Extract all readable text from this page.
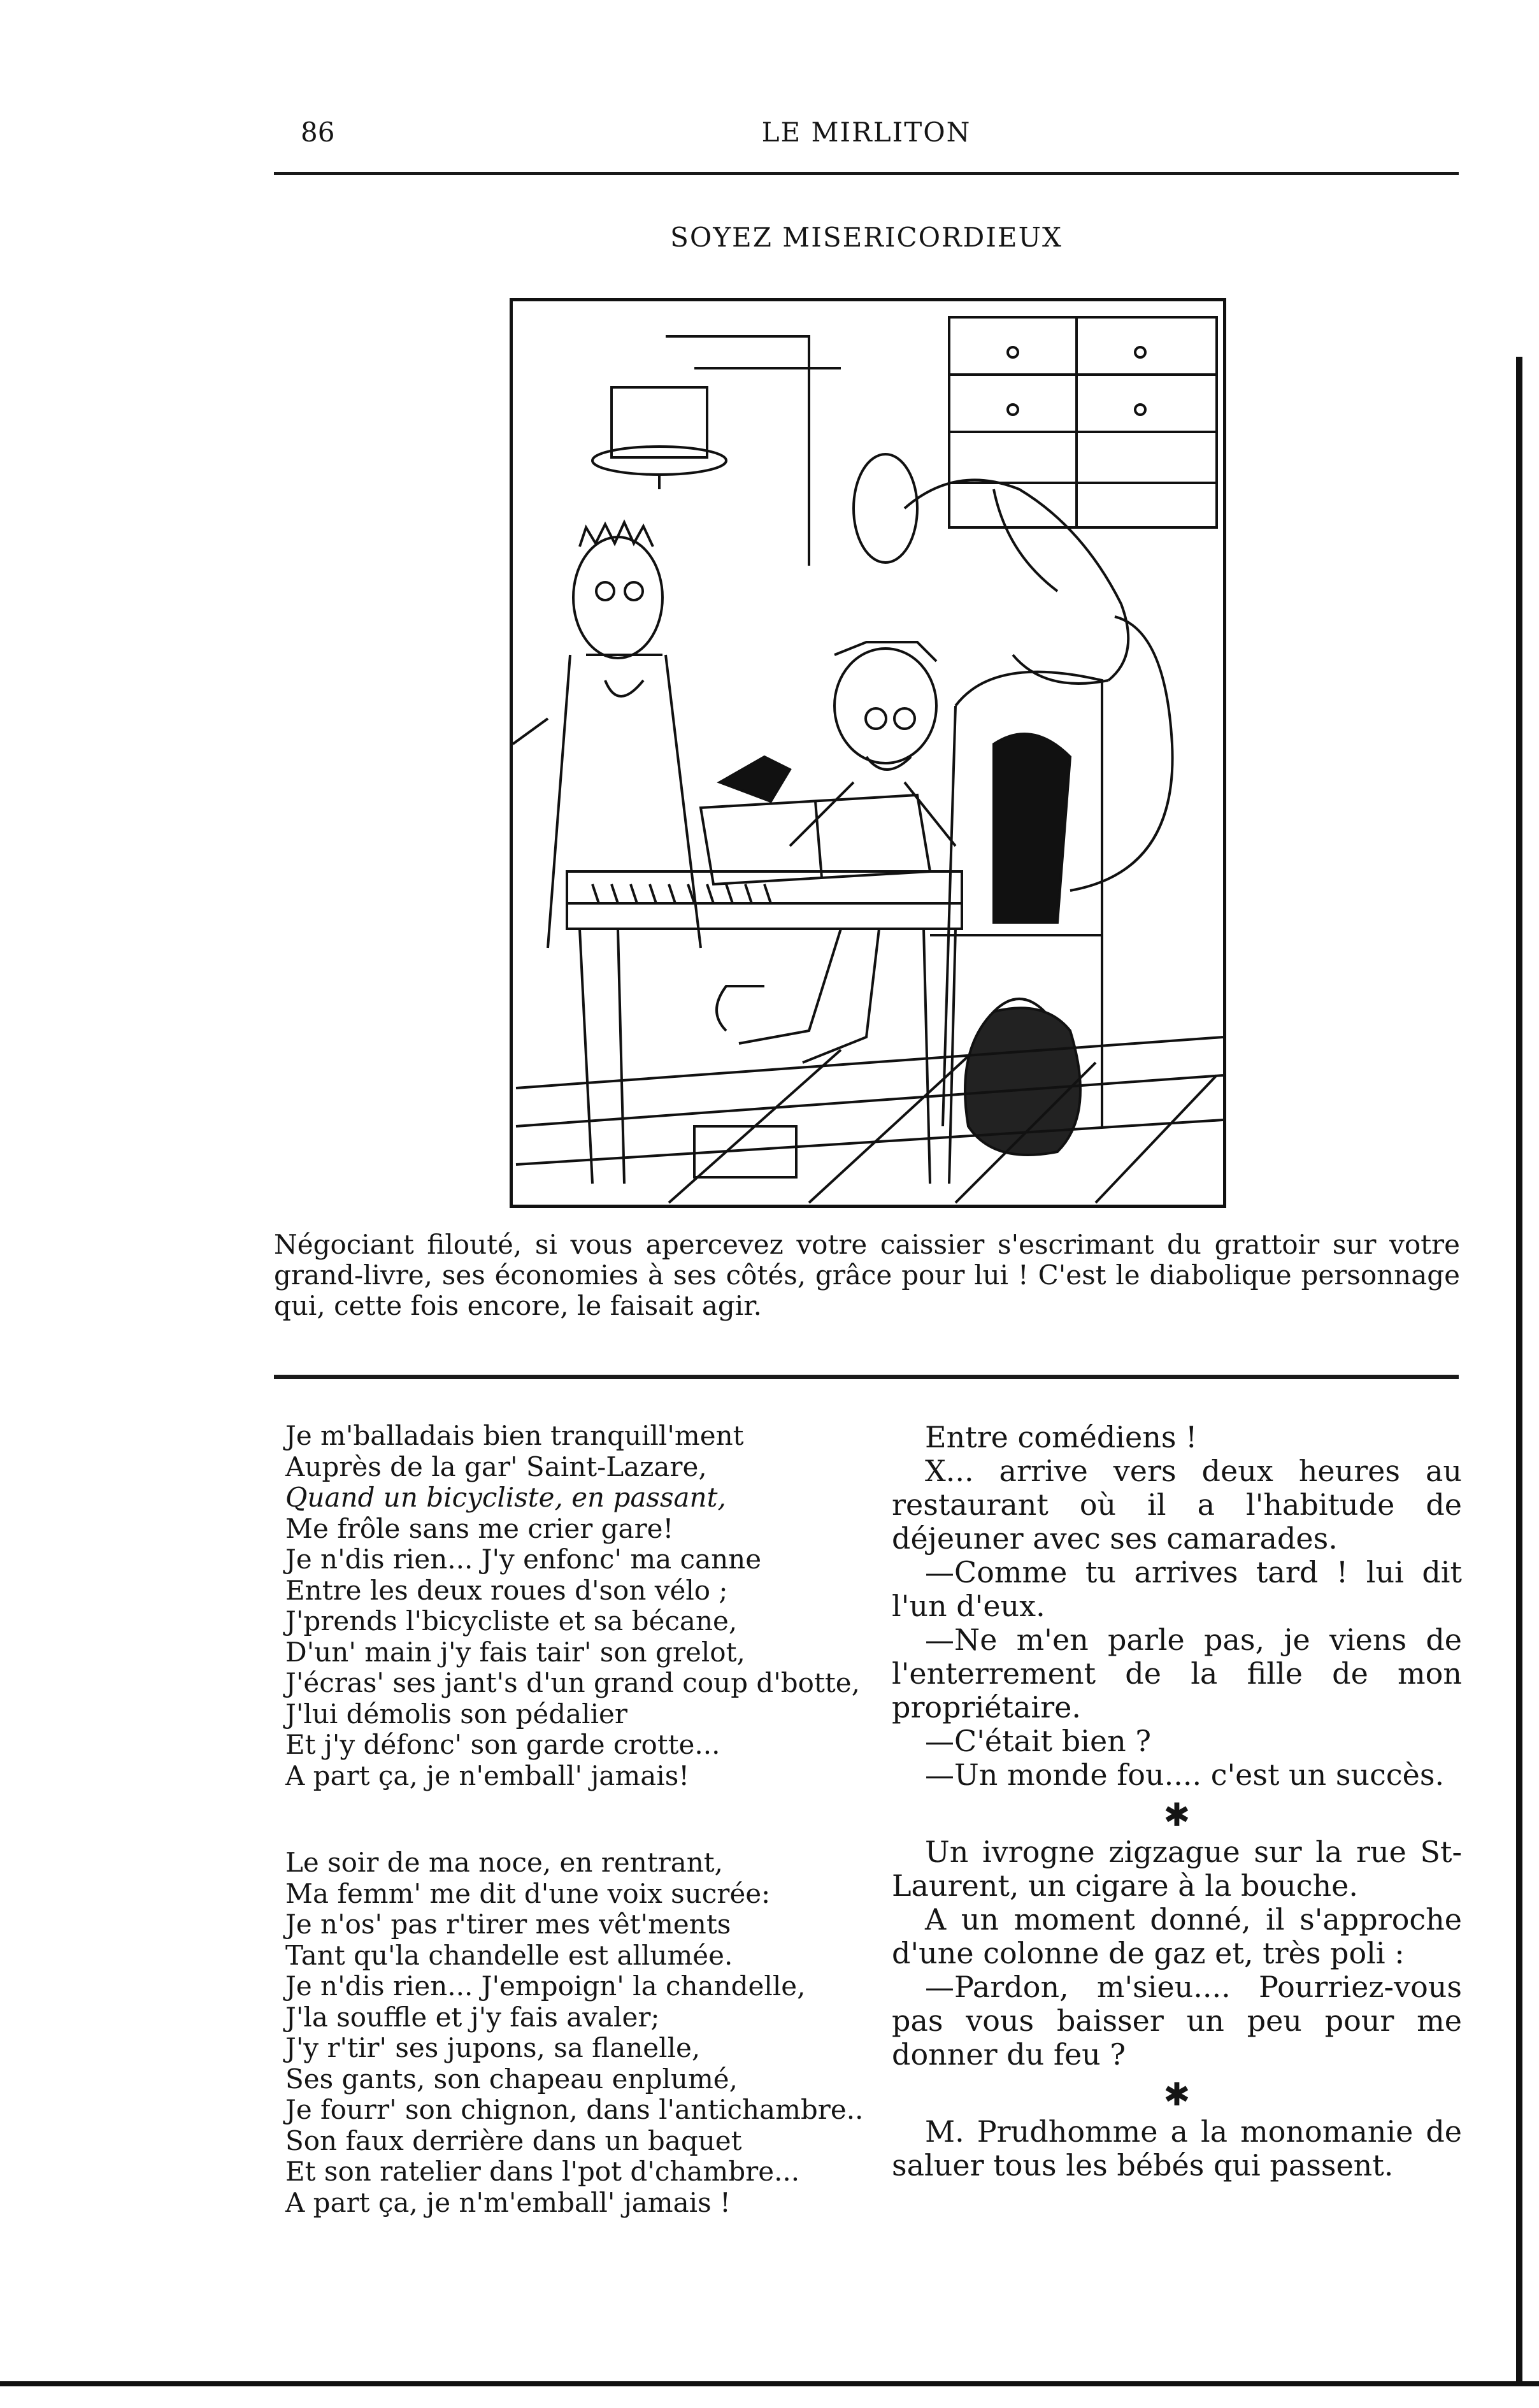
86	LE MIRLITON
SOYEZ MISERICORDIEUX
Négociant filouté, si vous apercevez votre caissier s'escrimant du grattoir sur votre grand-livre, ses économies à ses côtés, grâce pour lui ! C'est le diabolique personnage qui, cette fois encore, le faisait agir.
Je m'balladais bien tranquill'ment
Auprès de la gar' Saint-Lazare,
Quand un bicycliste, en passant,
Me frôle sans me crier gare!
Je n'dis rien... J'y enfonc' ma canne
Entre les deux roues d'son vélo ;
J'prends l'bicycliste et sa bécane,
D'un' main j'y fais tair' son grelot,
J'écras' ses jant's d'un grand coup d'botte,
J'lui démolis son pédalier
Et j'y défonc' son garde crotte...
A part ça, je n'emball' jamais!
Le soir de ma noce, en rentrant,
Ma femm' me dit d'une voix sucrée:
Je n'os' pas r'tirer mes vêt'ments
Tant qu'la chandelle est allumée.
Je n'dis rien... J'empoign' la chandelle,
J'la souffle et j'y fais avaler;
J'y r'tir' ses jupons, sa flanelle,
Ses gants, son chapeau enplumé,
Je fourr' son chignon, dans l'antichambre..
Son faux derrière dans un baquet
Et son ratelier dans l'pot d'chambre...
A part ça, je n'm'emball' jamais !

Entre comédiens !

X... arrive vers deux heures au restaurant où il a l'habitude de déjeuner avec ses camarades.

—Comme tu arrives tard ! lui dit l'un d'eux.

—Ne m'en parle pas, je viens de l'enterrement de la fille de mon propriétaire.

—C'était bien ?

—Un monde fou.... c'est un succès.

✱

Un ivrogne zigzague sur la rue St-Laurent, un cigare à la bouche.

A un moment donné, il s'approche d'une colonne de gaz et, très poli :

—Pardon, m'sieu.... Pourriez-vous pas vous baisser un peu pour me donner du feu ?

✱

M. Prudhomme a la monomanie de saluer tous les bébés qui passent.
